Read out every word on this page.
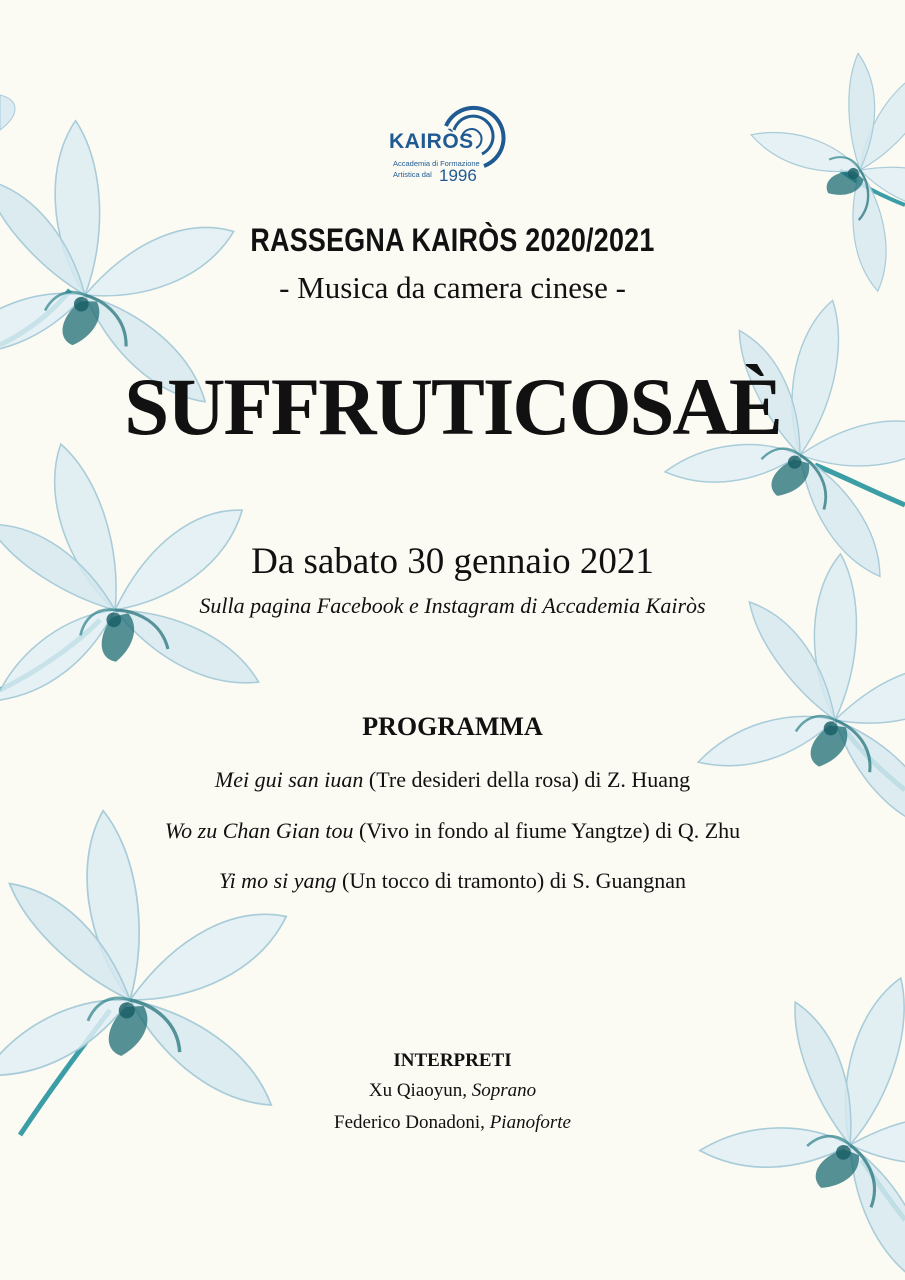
KAIRÒS
Accademia di Formazione
Artistica dal 1996
RASSEGNA KAIRÒS 2020/2021
- Musica da camera cinese -
SUFFRUTICOSAÈ
Da sabato 30 gennaio 2021
Sulla pagina Facebook e Instagram di Accademia Kairòs
PROGRAMMA
Mei gui san iuan (Tre desideri della rosa) di Z. Huang
Wo zu Chan Gian tou (Vivo in fondo al fiume Yangtze) di Q. Zhu
Yi mo si yang (Un tocco di tramonto) di S. Guangnan
INTERPRETI
Xu Qiaoyun, Soprano
Federico Donadoni, Pianoforte
